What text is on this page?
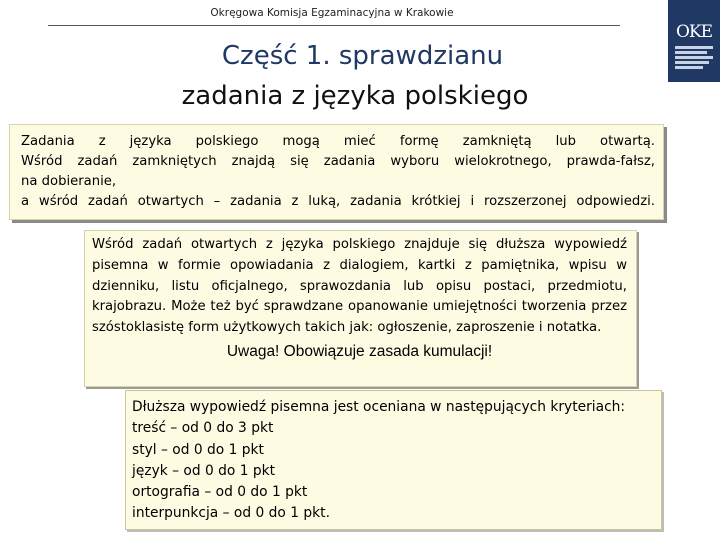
Okręgowa Komisja Egzaminacyjna w Krakowie
OKE
Część 1. sprawdzianu
zadania z języka polskiego
Zadania z języka polskiego mogą mieć formę zamkniętą lub otwartą.
Wśród zadań zamkniętych znajdą się zadania wyboru wielokrotnego, prawda-fałsz,
na dobieranie,
a wśród zadań otwartych – zadania z luką, zadania krótkiej i rozszerzonej odpowiedzi.
Wśród zadań otwartych z języka polskiego znajduje się dłuższa wypowiedź pisemna w formie opowiadania z dialogiem, kartki z pamiętnika, wpisu w dzienniku, listu oficjalnego, sprawozdania lub opisu postaci, przedmiotu, krajobrazu. Może też być sprawdzane opanowanie umiejętności tworzenia przez szóstoklasistę form użytkowych takich jak: ogłoszenie, zaproszenie i notatka.
Uwaga! Obowiązuje zasada kumulacji!
Dłuższa wypowiedź pisemna jest oceniana w następujących kryteriach:
treść – od 0 do 3 pkt
styl – od 0 do 1 pkt
język – od 0 do 1 pkt
ortografia – od 0 do 1 pkt
interpunkcja – od 0 do 1 pkt.
